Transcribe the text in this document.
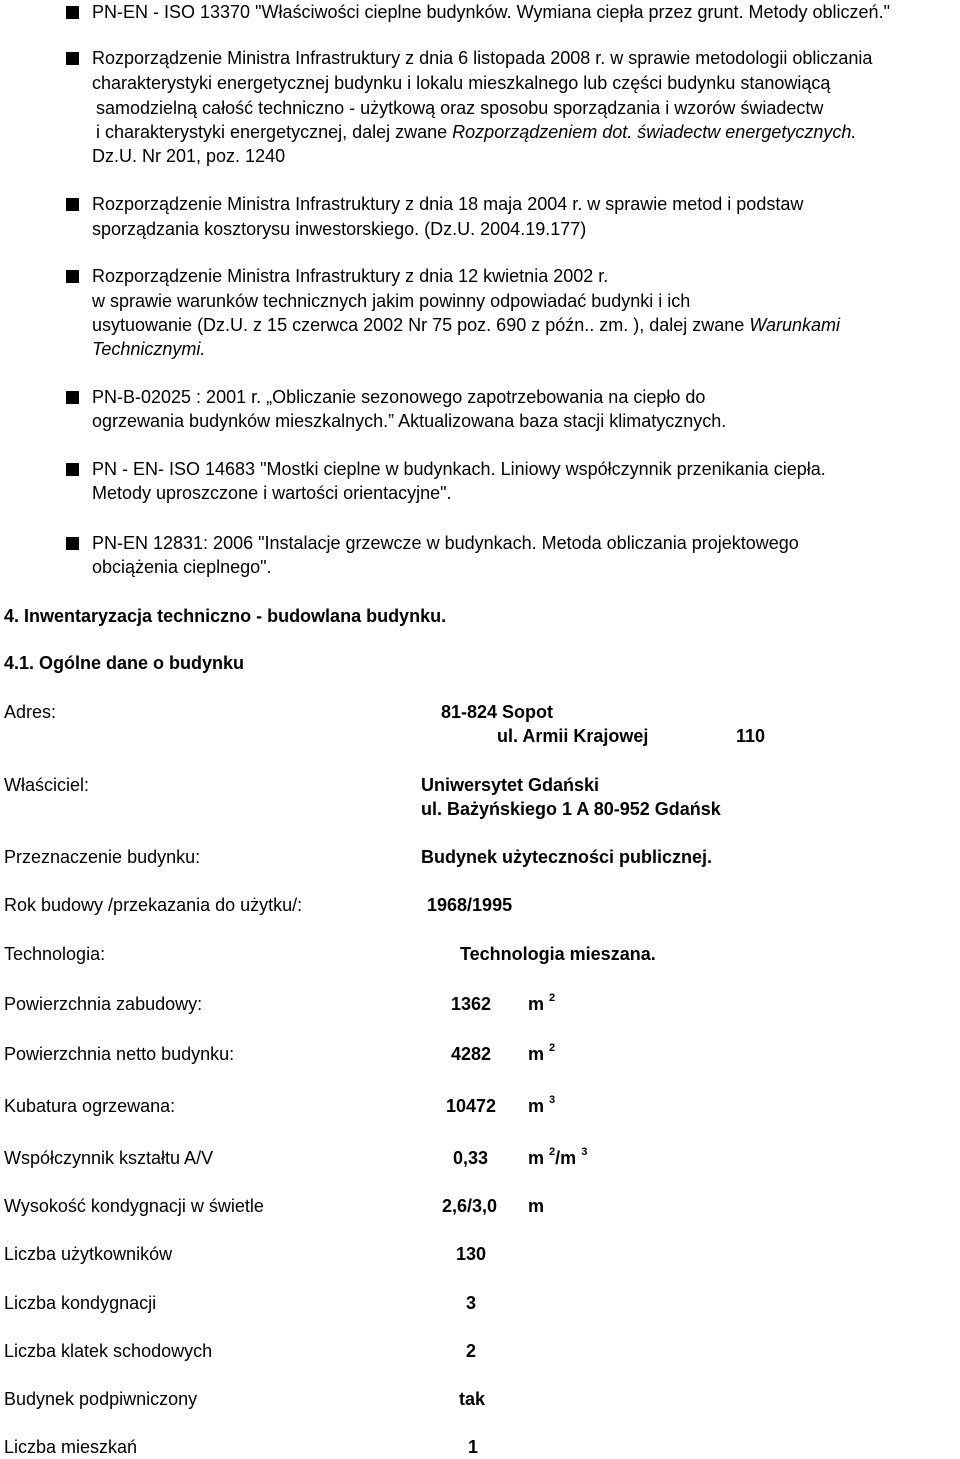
PN-EN - ISO 13370 "Właściwości cieplne budynków. Wymiana ciepła przez grunt. Metody obliczeń."
Rozporządzenie Ministra Infrastruktury z dnia 6 listopada 2008 r. w sprawie metodologii obliczania
charakterystyki energetycznej budynku i lokalu mieszkalnego lub części budynku stanowiącą
samodzielną całość techniczno - użytkową oraz sposobu sporządzania i wzorów świadectw
i charakterystyki energetycznej, dalej zwane Rozporządzeniem dot. świadectw energetycznych.
Dz.U. Nr 201, poz. 1240
Rozporządzenie Ministra Infrastruktury z dnia 18 maja 2004 r. w sprawie metod i podstaw
sporządzania kosztorysu inwestorskiego. (Dz.U. 2004.19.177)
Rozporządzenie Ministra Infrastruktury z dnia 12 kwietnia 2002 r.
w sprawie warunków technicznych jakim powinny odpowiadać budynki i ich
usytuowanie (Dz.U. z 15 czerwca 2002 Nr 75 poz. 690 z późn.. zm. ), dalej zwane Warunkami
Technicznymi.
PN-B-02025 : 2001 r. „Obliczanie sezonowego zapotrzebowania na ciepło do
ogrzewania budynków mieszkalnych.” Aktualizowana baza stacji klimatycznych.
PN - EN- ISO 14683 "Mostki cieplne w budynkach. Liniowy współczynnik przenikania ciepła.
Metody uproszczone i wartości orientacyjne".
PN-EN 12831: 2006 "Instalacje grzewcze w budynkach. Metoda obliczania projektowego
obciążenia cieplnego".
4. Inwentaryzacja techniczno - budowlana budynku.
4.1. Ogólne dane o budynku
Adres:	81-824 Sopot
ul. Armii Krajowej	110
Właściciel:	Uniwersytet Gdański
ul. Bażyńskiego 1 A 80-952 Gdańsk
Przeznaczenie budynku:	Budynek użyteczności publicznej.
Rok budowy /przekazania do użytku/:	1968/1995
Technologia:	Technologia mieszana.
Powierzchnia zabudowy:	1362 m $^2$
Powierzchnia netto budynku:	4282 m $^2$
Kubatura ogrzewana:	10472 m $^3$
Współczynnik kształtu A/V	0,33 m $^2$/m $^3$
Wysokość kondygnacji w świetle	2,6/3,0 m
Liczba użytkowników	130
Liczba kondygnacji	3
Liczba klatek schodowych	2
Budynek podpiwniczony	tak
Liczba mieszkań	1
